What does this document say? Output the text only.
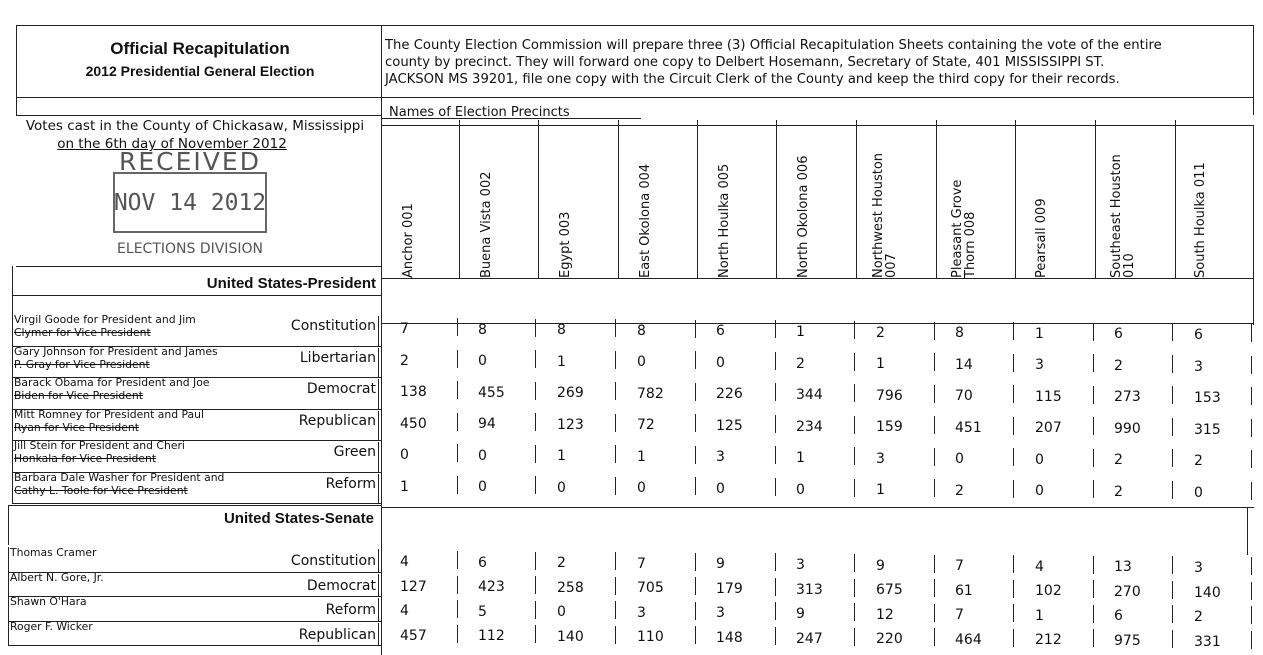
Official Recapitulation
2012 Presidential General Election
The County Election Commission will prepare three (3) Official Recapitulation Sheets containing the vote of the entire
county by precinct. They will forward one copy to Delbert Hosemann, Secretary of State, 401 MISSISSIPPI ST.
JACKSON MS 39201, file one copy with the Circuit Clerk of the County and keep the third copy for their records.
Names of Election Precincts
Votes cast in the County of Chickasaw, Mississippi
on the 6th day of November 2012
RECEIVED
NOV 14 2012
ELECTIONS DIVISION	Anchor 001	Buena Vista 002	Egypt 003	East Okolona 004	North Houlka 005	North Okolona 006	Northwest Houston 007	Pleasant Grove Thorn 008	Pearsall 009	Southeast Houston 010	South Houlka 011
United States-President
Virgil Goode for President and Jim
Clymer for Vice President	Constitution 7	8	8	8	6	1	2	8	1	6	6
Gary Johnson for President and James
P. Gray for Vice President	Libertarian 2	0	1	0	0	2	1	14	3	2	3
Barack Obama for President and Joe
Biden for Vice President	Democrat 138	455	269	782	226	344	796	70	115	273	153
Mitt Romney for President and Paul
Ryan for Vice President	Republican 450	94	123	72	125	234	159	451	207	990	315
Jill Stein for President and Cheri
Honkala for Vice President	Green 0	0	1	1	3	1	3	0	0	2	2
Barbara Dale Washer for President and
Cathy L. Toole for Vice President	Reform 1	0	0	0	0	0	1	2	0	2	0
United States-Senate
Thomas Cramer
Constitution 4	6	2	7	9	3	9	7	4	13	3
Albert N. Gore, Jr.
Democrat 127	423	258	705	179	313	675	61	102	270	140
Shawn O'Hara
Reform 4	5	0	3	3	9	12	7	1	6	2
Roger F. Wicker
Republican 457	112	140	110	148	247	220	464	212	975	331
